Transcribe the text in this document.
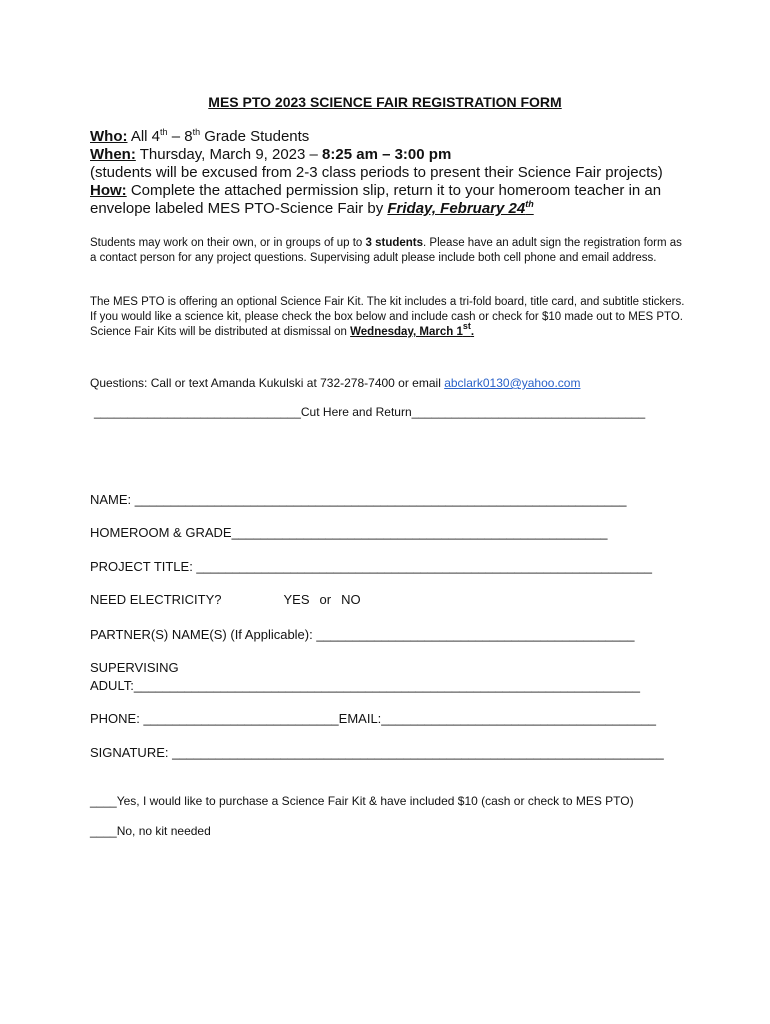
MES PTO 2023 SCIENCE FAIR REGISTRATION FORM
Who: All 4th – 8th Grade Students
When: Thursday, March 9, 2023 – 8:25 am – 3:00 pm
(students will be excused from 2-3 class periods to present their Science Fair projects)
How: Complete the attached permission slip, return it to your homeroom teacher in an
envelope labeled MES PTO-Science Fair by Friday, February 24th
Students may work on their own, or in groups of up to 3 students. Please have an adult sign the registration form as a contact person for any project questions. Supervising adult please include both cell phone and email address.
The MES PTO is offering an optional Science Fair Kit. The kit includes a tri-fold board, title card, and subtitle stickers. If you would like a science kit, please check the box below and include cash or check for $10 made out to MES PTO. Science Fair Kits will be distributed at dismissal on Wednesday, March 1st.
Questions: Call or text Amanda Kukulski at 732-278-7400 or email abclark0130@yahoo.com
_______________________________Cut Here and Return___________________________________
NAME: ____________________________________________________________________
HOMEROOM & GRADE____________________________________________________
PROJECT TITLE: _______________________________________________________________
NEED ELECTRICITY?	YES or NO
PARTNER(S) NAME(S) (If Applicable): ____________________________________________
SUPERVISING
ADULT:______________________________________________________________________
PHONE: ___________________________EMAIL:______________________________________
SIGNATURE: ____________________________________________________________________
____Yes, I would like to purchase a Science Fair Kit & have included $10 (cash or check to MES PTO)
____No, no kit needed
